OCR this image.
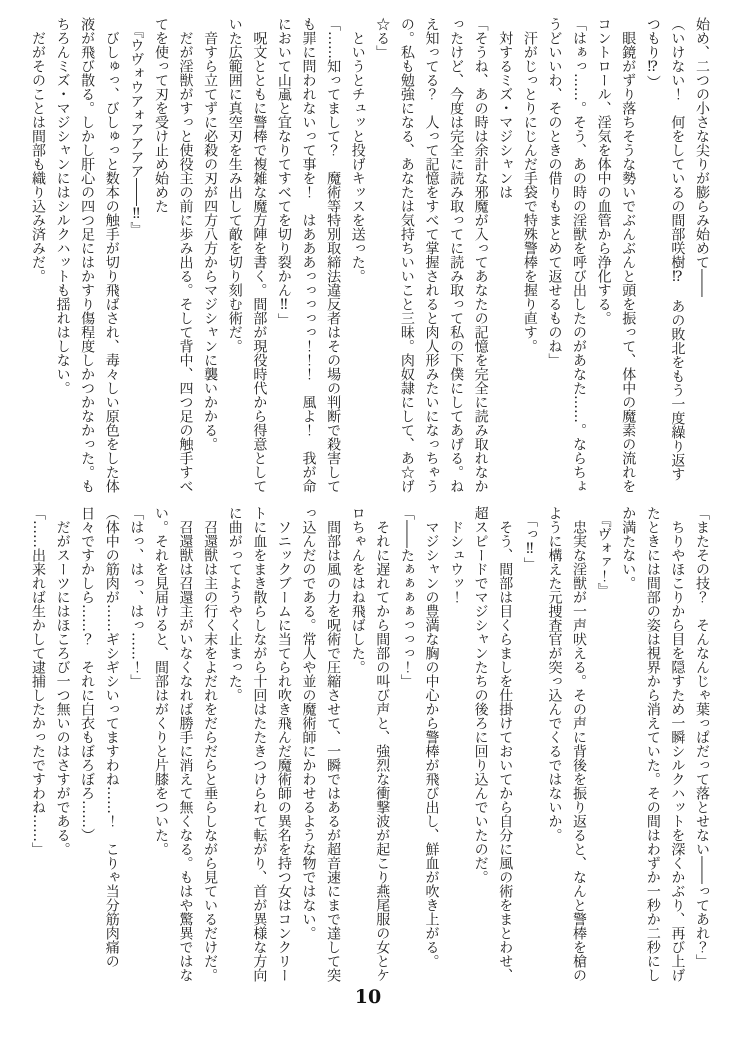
始め、二つの小さな尖りが膨らみ始めて――

（いけない！　何をしているの間部咲樹⁉　あの敗北をもう一度繰り返すつもり⁉）

　眼鏡がずり落ちそうな勢いでぶんぶんと頭を振って、体中の魔素の流れをコントロール、淫気を体中の血管から浄化する。

「はぁっ……。そう、あの時の淫獣を呼び出したのがあなた……。ならちょうどいいわ、そのときの借りもまとめて返せるものね」

　汗がじっとりにじんだ手袋で特殊警棒を握り直す。

　対するミズ・マジシャンは

「そうね、あの時は余計な邪魔が入ってあなたの記憶を完全に読み取れなかったけど、今度は完全に読み取ってに読み取って私の下僕にしてあげる。ねえ知ってる？　人って記憶をすべて掌握されると肉人形みたいになっちゃうの。私も勉強になる、あなたは気持ちいいこと三昧。肉奴隷にして、あ☆げ☆る」

　というとチュッと投げキッスを送った。

「……知ってまして？　魔術等特別取締法違反者はその場の判断で殺害しても罪に問われないって事を！　はあああっっっっっ！！！　風よ！　我が命において山颪と宜なりてすべてを切り裂かん‼」

　呪文とともに警棒で複雑な魔方陣を書く。間部が現役時代から得意としていた広範囲に真空刃を生み出して敵を切り刻む術だ。

　音すら立てずに必殺の刃が四方八方からマジシャンに襲いかかる。

　だが淫獣がすっと使役主の前に歩み出る。そして背中、四つ足の触手すべてを使って刃を受け止め始めた

　『ウヴォウアォアアアア――‼』

　びしゅっ、びしゅっと数本の触手が切り飛ばされ、毒々しい原色をした体液が飛び散る。しかし肝心の四つ足にはかすり傷程度しかつかなかった。もちろんミズ・マジシャンにはシルクハットも揺れはしない。

　だがそのことは間部も織り込み済みだ。

「またその技？　そんなんじゃ葉っぱだって落とせない――ってあれ？」

　ちりやほこりから目を隠すため一瞬シルクハットを深くかぶり、再び上げたときには間部の姿は視界から消えていた。その間はわずか一秒か二秒にしか満たない。

　『ヴォァ！』

　忠実な淫獣が一声吠える。その声に背後を振り返ると、なんと警棒を槍のように構えた元捜査官が突っ込んでくるではないか。

　「っ‼」

　そう、間部は目くらましを仕掛けておいてから自分に風の術をまとわせ、超スピードでマジシャンたちの後ろに回り込んでいたのだ。

　ドシュウッ！

　マジシャンの豊満な胸の中心から警棒が飛び出し、鮮血が吹き上がる。

「――たぁぁぁぁっっっ！」

　それに遅れてから間部の叫び声と、強烈な衝撃波が起こり燕尾服の女とケロちゃんをはね飛ばした。

　間部は風の力を呪術で圧縮させて、一瞬ではあるが超音速にまで達して突っ込んだのである。常人や並の魔術師にかわせるような物ではない。

　ソニックブームに当てられ吹き飛んだ魔術師の異名を持つ女はコンクリートに血をまき散らしながら十回はたたきつけられて転がり、首が異様な方向に曲がってようやく止まった。

　召還獣は主の行く末をよだれをだらだらと垂らしながら見ているだけだ。

　召還獣は召還主がいなくなれば勝手に消えて無くなる。もはや驚異ではない。それを見届けると、間部はがくりと片膝をついた。

「はっ、はっ、はっ……！」

（体中の筋肉が……ギシギシいってますわね……！　こりゃ当分筋肉痛の日々ですかしら……？　それに白衣もぼろぼろ……）

　だがスーツにはほころび一つ無いのはさすがである。

「……出来れば生かして逮捕したかったですわね……」

10
